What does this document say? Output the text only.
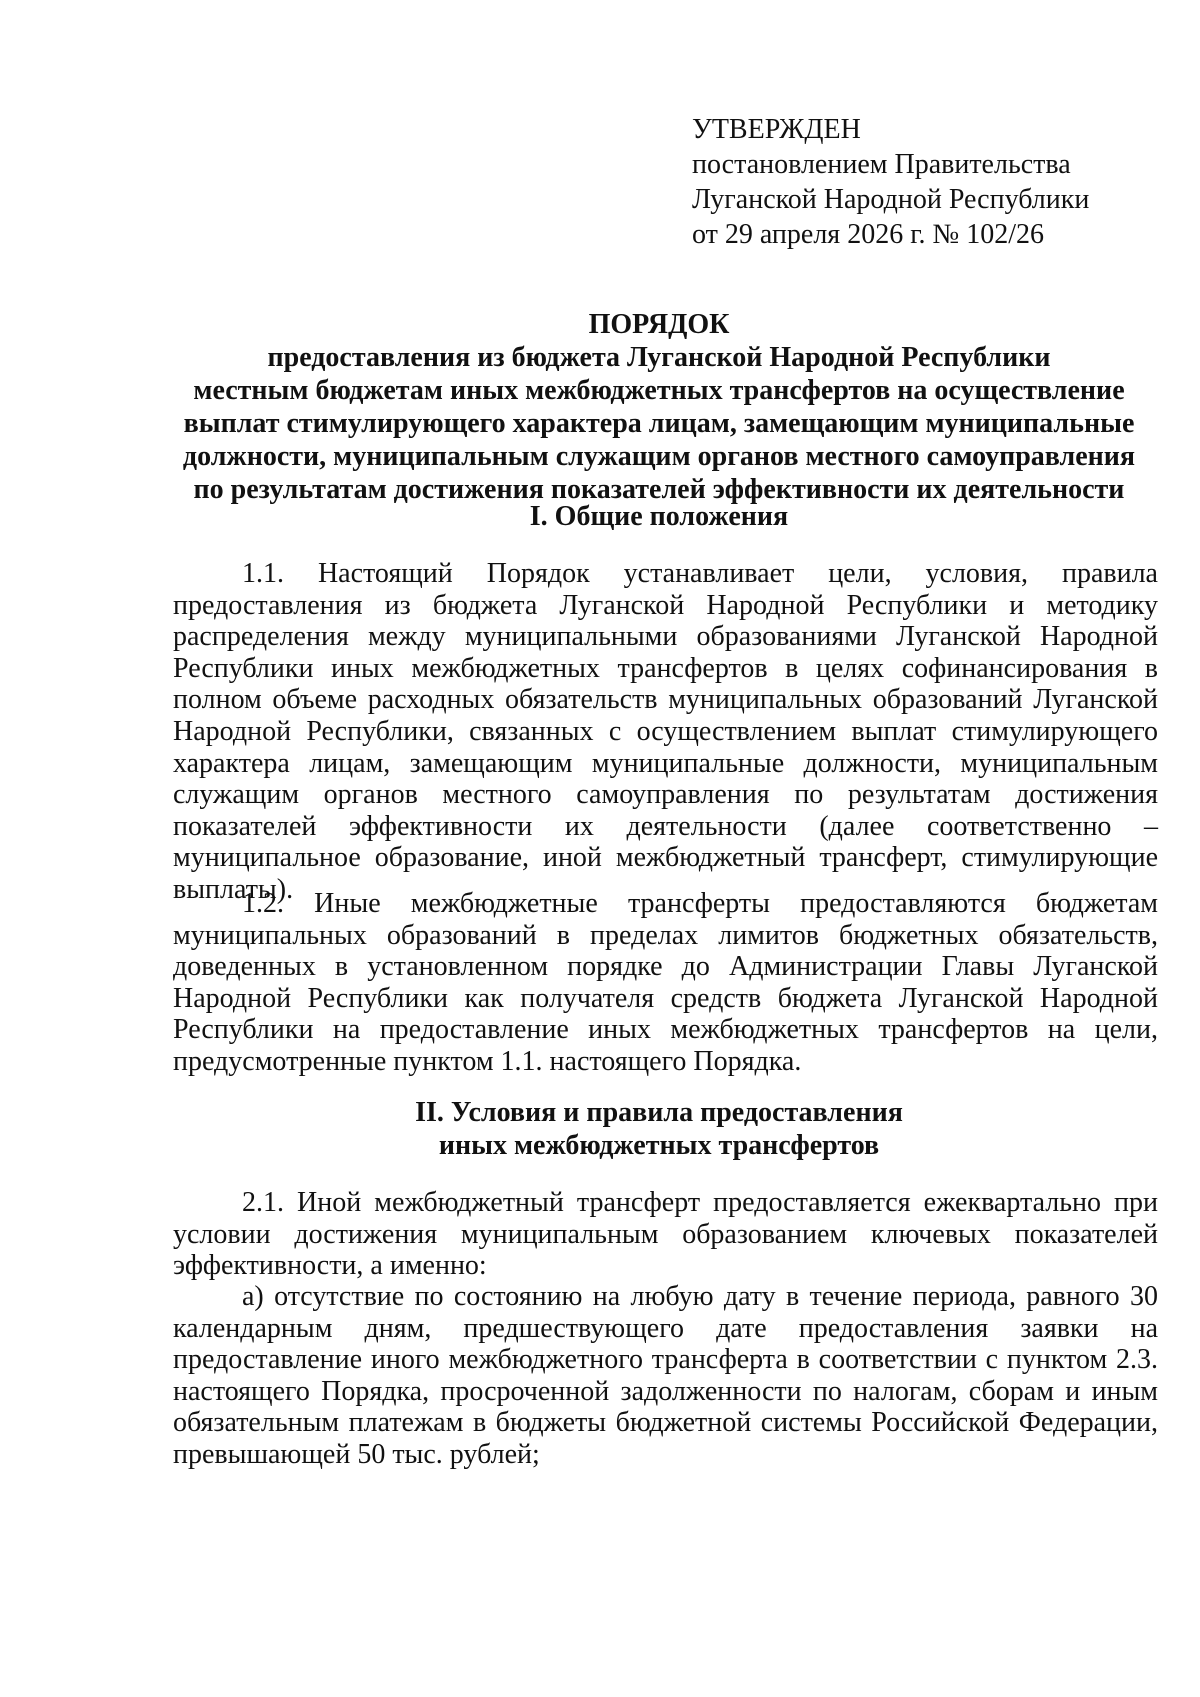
УТВЕРЖДЕН
постановлением Правительства
Луганской Народной Республики
от 29 апреля 2026 г. № 102/26
ПОРЯДОК
предоставления из бюджета Луганской Народной Республики
местным бюджетам иных межбюджетных трансфертов на осуществление
выплат стимулирующего характера лицам, замещающим муниципальные
должности, муниципальным служащим органов местного самоуправления
по результатам достижения показателей эффективности их деятельности
I. Общие положения

1.1. Настоящий Порядок устанавливает цели, условия, правила предоставления из бюджета Луганской Народной Республики и методику распределения между муниципальными образованиями Луганской Народной Республики иных межбюджетных трансфертов в целях софинансирования в полном объеме расходных обязательств муниципальных образований Луганской Народной Республики, связанных с осуществлением выплат стимулирующего характера лицам, замещающим муниципальные должности, муниципальным служащим органов местного самоуправления по результатам достижения показателей эффективности их деятельности (далее соответственно – муниципальное образование, иной межбюджетный трансферт, стимулирующие выплаты).

1.2. Иные межбюджетные трансферты предоставляются бюджетам муниципальных образований в пределах лимитов бюджетных обязательств, доведенных в установленном порядке до Администрации Главы Луганской Народной Республики как получателя средств бюджета Луганской Народной Республики на предоставление иных межбюджетных трансфертов на цели, предусмотренные пунктом 1.1. настоящего Порядка.

II. Условия и правила предоставления
иных межбюджетных трансфертов

2.1. Иной межбюджетный трансферт предоставляется ежеквартально при условии достижения муниципальным образованием ключевых показателей эффективности, а именно:

а) отсутствие по состоянию на любую дату в течение периода, равного 30 календарным дням, предшествующего дате предоставления заявки на предоставление иного межбюджетного трансферта в соответствии с пунктом 2.3. настоящего Порядка, просроченной задолженности по налогам, сборам и иным обязательным платежам в бюджеты бюджетной системы Российской Федерации, превышающей 50 тыс. рублей;
